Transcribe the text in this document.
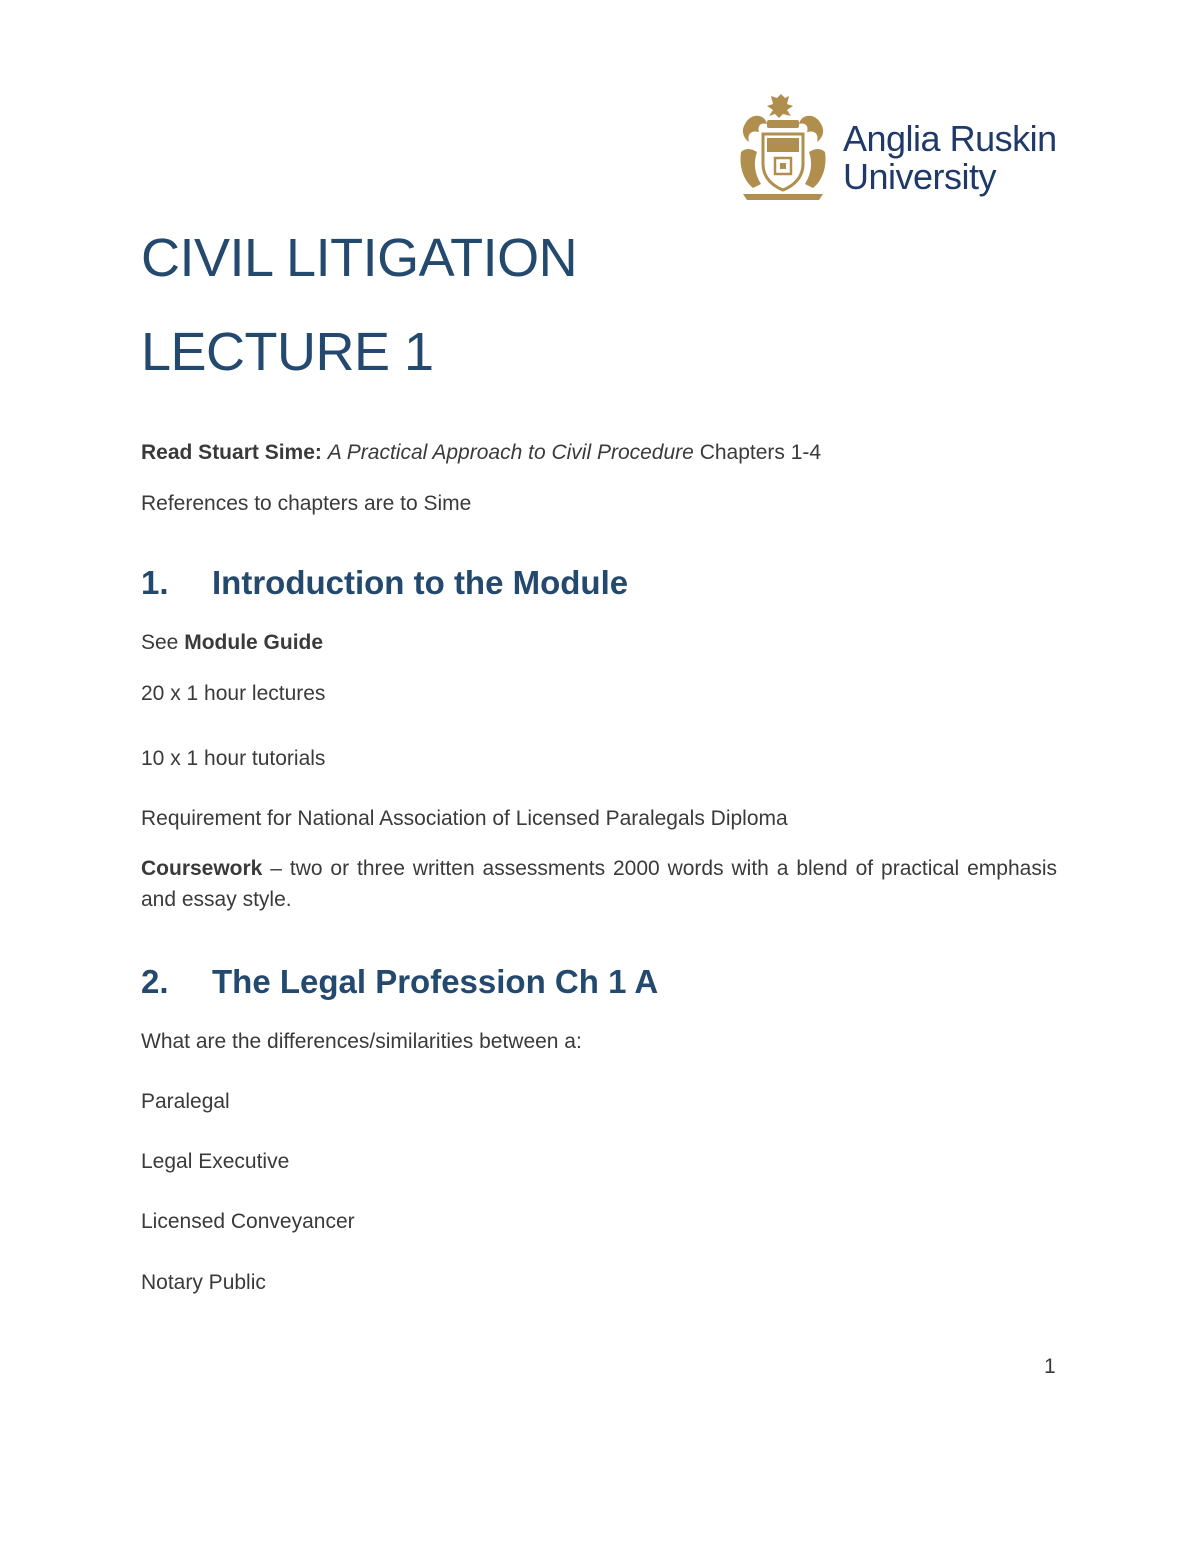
Anglia Ruskin
University
CIVIL LITIGATION
LECTURE 1

Read Stuart Sime: A Practical Approach to Civil Procedure Chapters 1-4

References to chapters are to Sime

1. Introduction to the Module

See Module Guide

20 x 1 hour lectures

10 x 1 hour tutorials

Requirement for National Association of Licensed Paralegals Diploma

Coursework – two or three written assessments 2000 words with a blend of practical emphasis and essay style.

2. The Legal Profession Ch 1 A

What are the differences/similarities between a:

Paralegal

Legal Executive

Licensed Conveyancer

Notary Public

1
